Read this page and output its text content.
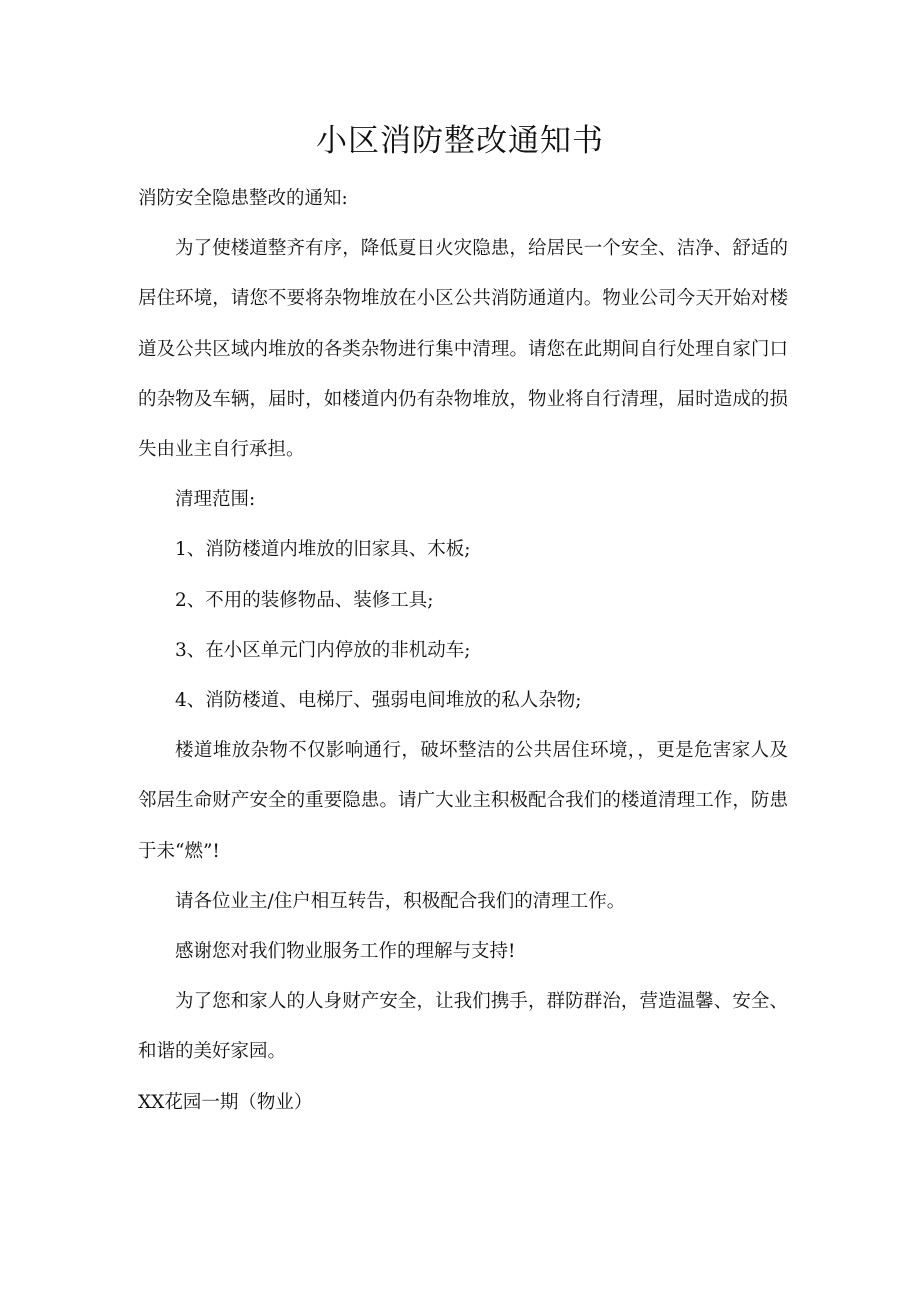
小区消防整改通知书

消防安全隐患整改的通知:

为了使楼道整齐有序，降低夏日火灾隐患，给居民一个安全、洁净、舒适的居住环境，请您不要将杂物堆放在小区公共消防通道内。物业公司今天开始对楼道及公共区域内堆放的各类杂物进行集中清理。请您在此期间自行处理自家门口的杂物及车辆，届时，如楼道内仍有杂物堆放，物业将自行清理，届时造成的损失由业主自行承担。

清理范围:

1、消防楼道内堆放的旧家具、木板;

2、不用的装修物品、装修工具;

3、在小区单元门内停放的非机动车;

4、消防楼道、电梯厅、强弱电间堆放的私人杂物;

楼道堆放杂物不仅影响通行，破坏整洁的公共居住环境，，更是危害家人及邻居生命财产安全的重要隐患。请广大业主积极配合我们的楼道清理工作，防患于未“燃”!

请各位业主/住户相互转告，积极配合我们的清理工作。

感谢您对我们物业服务工作的理解与支持!

为了您和家人的人身财产安全，让我们携手，群防群治，营造温馨、安全、和谐的美好家园。

XX花园一期（物业）
